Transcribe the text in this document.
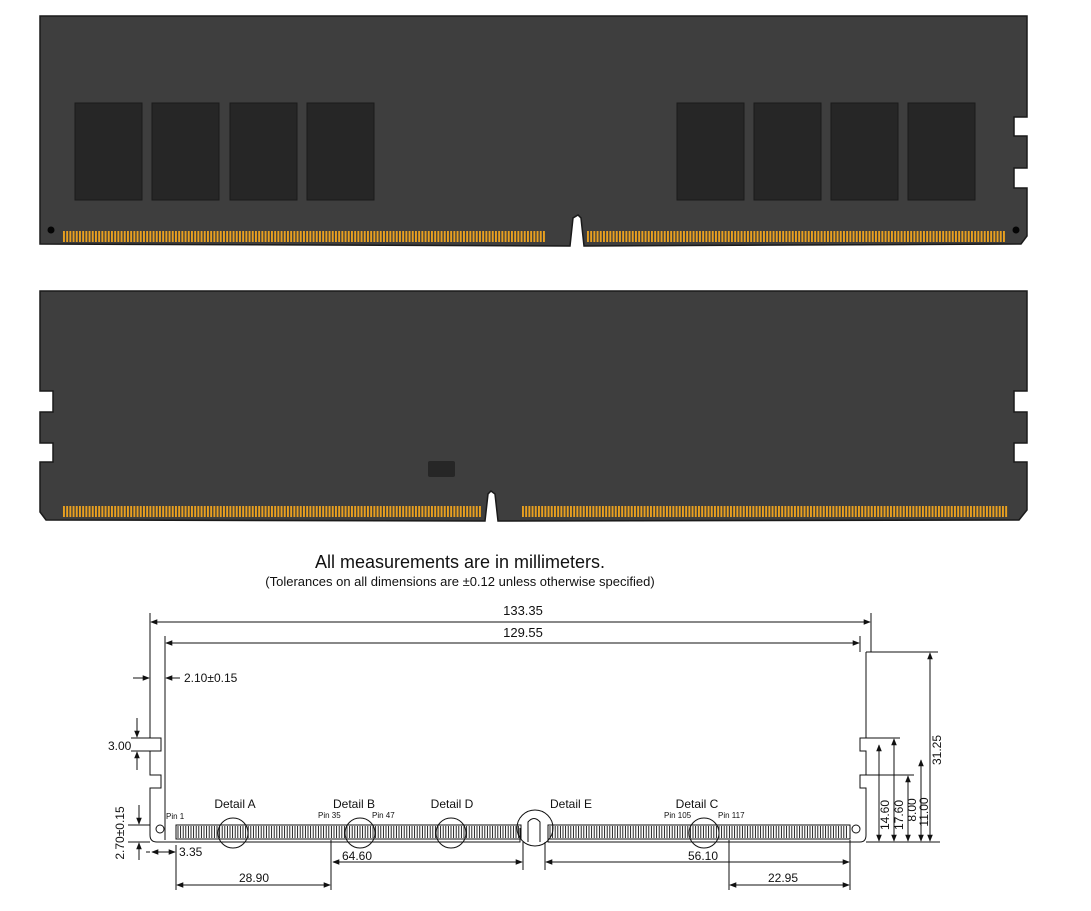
133.35
129.55
2.10±0.15
3.00
2.70±0.15	3.35	64.60	56.10
28.90	22.95
31.25
14.60 17.60 8.00
11.00
Detail A	Detail B	Detail D	Detail E	Detail C
Pin 1	Pin 35	Pin 47	Pin 105	Pin 117
All measurements are in millimeters.
(Tolerances on all dimensions are ±0.12 unless otherwise specified)
